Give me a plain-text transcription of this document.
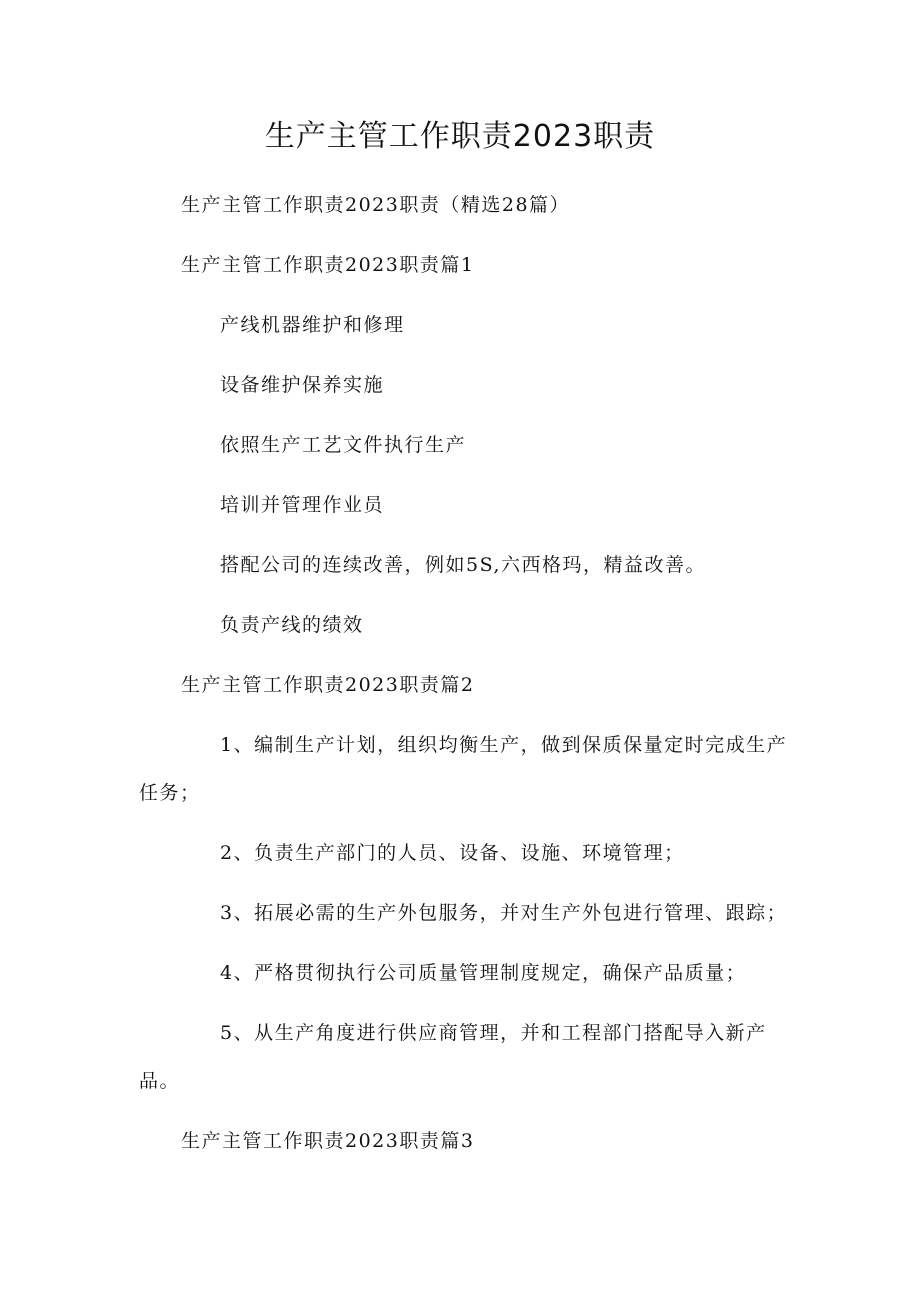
生产主管工作职责2023职责
生产主管工作职责2023职责（精选28篇）
生产主管工作职责2023职责篇1
产线机器维护和修理
设备维护保养实施
依照生产工艺文件执行生产
培训并管理作业员
搭配公司的连续改善，例如5S,六西格玛，精益改善。
负责产线的绩效
生产主管工作职责2023职责篇2
1、编制生产计划，组织均衡生产，做到保质保量定时完成生产
任务；
2、负责生产部门的人员、设备、设施、环境管理；
3、拓展必需的生产外包服务，并对生产外包进行管理、跟踪；
4、严格贯彻执行公司质量管理制度规定，确保产品质量；
5、从生产角度进行供应商管理，并和工程部门搭配导入新产
品。
生产主管工作职责2023职责篇3
